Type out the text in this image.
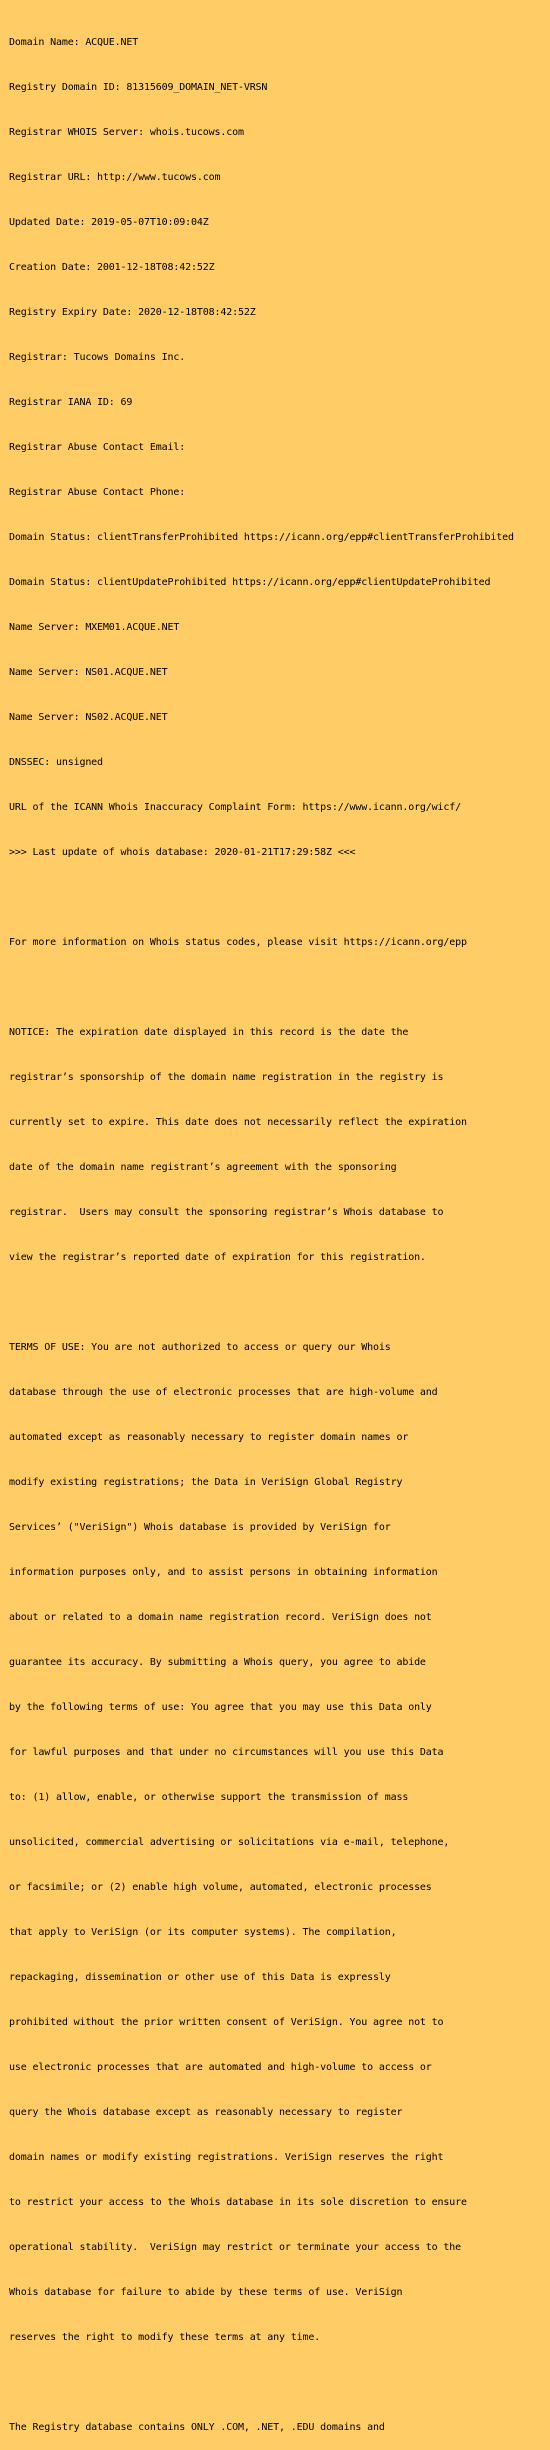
Domain Name: ACQUE.NET

Registry Domain ID: 81315609_DOMAIN_NET-VRSN

Registrar WHOIS Server: whois.tucows.com

Registrar URL: http://www.tucows.com

Updated Date: 2019-05-07T10:09:04Z

Creation Date: 2001-12-18T08:42:52Z

Registry Expiry Date: 2020-12-18T08:42:52Z

Registrar: Tucows Domains Inc.

Registrar IANA ID: 69

Registrar Abuse Contact Email:

Registrar Abuse Contact Phone:

Domain Status: clientTransferProhibited https://icann.org/epp#clientTransferProhibited

Domain Status: clientUpdateProhibited https://icann.org/epp#clientUpdateProhibited

Name Server: MXEM01.ACQUE.NET

Name Server: NS01.ACQUE.NET

Name Server: NS02.ACQUE.NET

DNSSEC: unsigned

URL of the ICANN Whois Inaccuracy Complaint Form: https://www.icann.org/wicf/

>>> Last update of whois database: 2020-01-21T17:29:58Z <<<

For more information on Whois status codes, please visit https://icann.org/epp

NOTICE: The expiration date displayed in this record is the date the

registrar’s sponsorship of the domain name registration in the registry is

currently set to expire. This date does not necessarily reflect the expiration

date of the domain name registrant’s agreement with the sponsoring

registrar.  Users may consult the sponsoring registrar’s Whois database to

view the registrar’s reported date of expiration for this registration.

TERMS OF USE: You are not authorized to access or query our Whois

database through the use of electronic processes that are high-volume and

automated except as reasonably necessary to register domain names or

modify existing registrations; the Data in VeriSign Global Registry

Services’ ("VeriSign") Whois database is provided by VeriSign for

information purposes only, and to assist persons in obtaining information

about or related to a domain name registration record. VeriSign does not

guarantee its accuracy. By submitting a Whois query, you agree to abide

by the following terms of use: You agree that you may use this Data only

for lawful purposes and that under no circumstances will you use this Data

to: (1) allow, enable, or otherwise support the transmission of mass

unsolicited, commercial advertising or solicitations via e-mail, telephone,

or facsimile; or (2) enable high volume, automated, electronic processes

that apply to VeriSign (or its computer systems). The compilation,

repackaging, dissemination or other use of this Data is expressly

prohibited without the prior written consent of VeriSign. You agree not to

use electronic processes that are automated and high-volume to access or

query the Whois database except as reasonably necessary to register

domain names or modify existing registrations. VeriSign reserves the right

to restrict your access to the Whois database in its sole discretion to ensure

operational stability.  VeriSign may restrict or terminate your access to the

Whois database for failure to abide by these terms of use. VeriSign

reserves the right to modify these terms at any time.

The Registry database contains ONLY .COM, .NET, .EDU domains and
